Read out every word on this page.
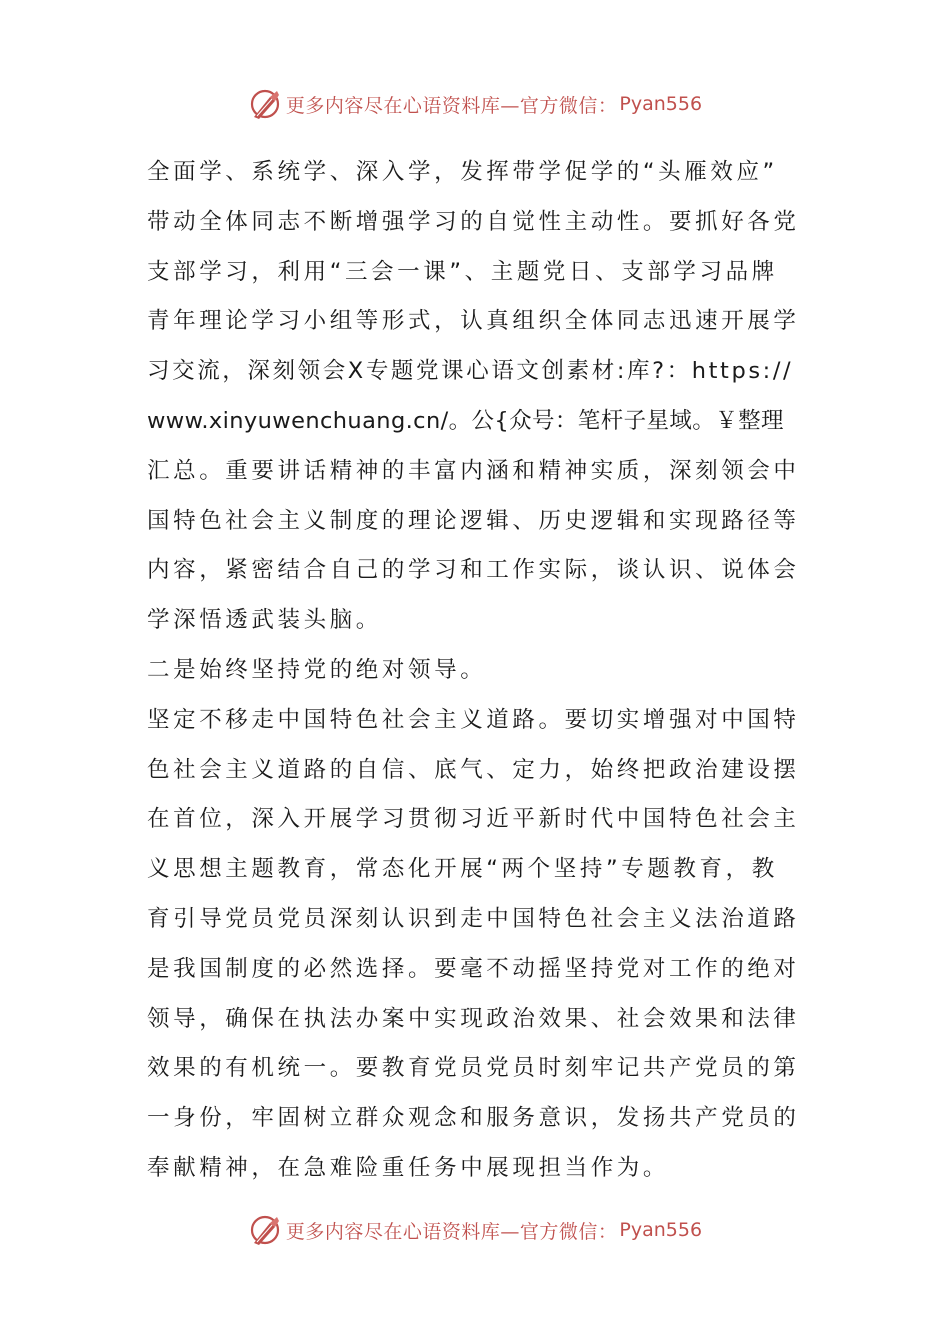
更多内容尽在心语资料库—官方微信： Pyan556
全面学、系统学、深入学，发挥带学促学的“头雁效应”
带动全体同志不断增强学习的自觉性主动性。要抓好各党
支部学习，利用“三会一课”、主题党日、支部学习品牌
青年理论学习小组等形式，认真组织全体同志迅速开展学
习交流，深刻领会X专题党课心语文创素材:库?：https://
www.xinyuwenchuang.cn/。公{众号：笔杆子星域。￥整理
汇总。重要讲话精神的丰富内涵和精神实质，深刻领会中
国特色社会主义制度的理论逻辑、历史逻辑和实现路径等
内容，紧密结合自己的学习和工作实际，谈认识、说体会
学深悟透武装头脑。
二是始终坚持党的绝对领导。
坚定不移走中国特色社会主义道路。要切实增强对中国特
色社会主义道路的自信、底气、定力，始终把政治建设摆
在首位，深入开展学习贯彻习近平新时代中国特色社会主
义思想主题教育，常态化开展“两个坚持”专题教育，教
育引导党员党员深刻认识到走中国特色社会主义法治道路
是我国制度的必然选择。要毫不动摇坚持党对工作的绝对
领导，确保在执法办案中实现政治效果、社会效果和法律
效果的有机统一。要教育党员党员时刻牢记共产党员的第
一身份，牢固树立群众观念和服务意识，发扬共产党员的
奉献精神，在急难险重任务中展现担当作为。
更多内容尽在心语资料库—官方微信： Pyan556
